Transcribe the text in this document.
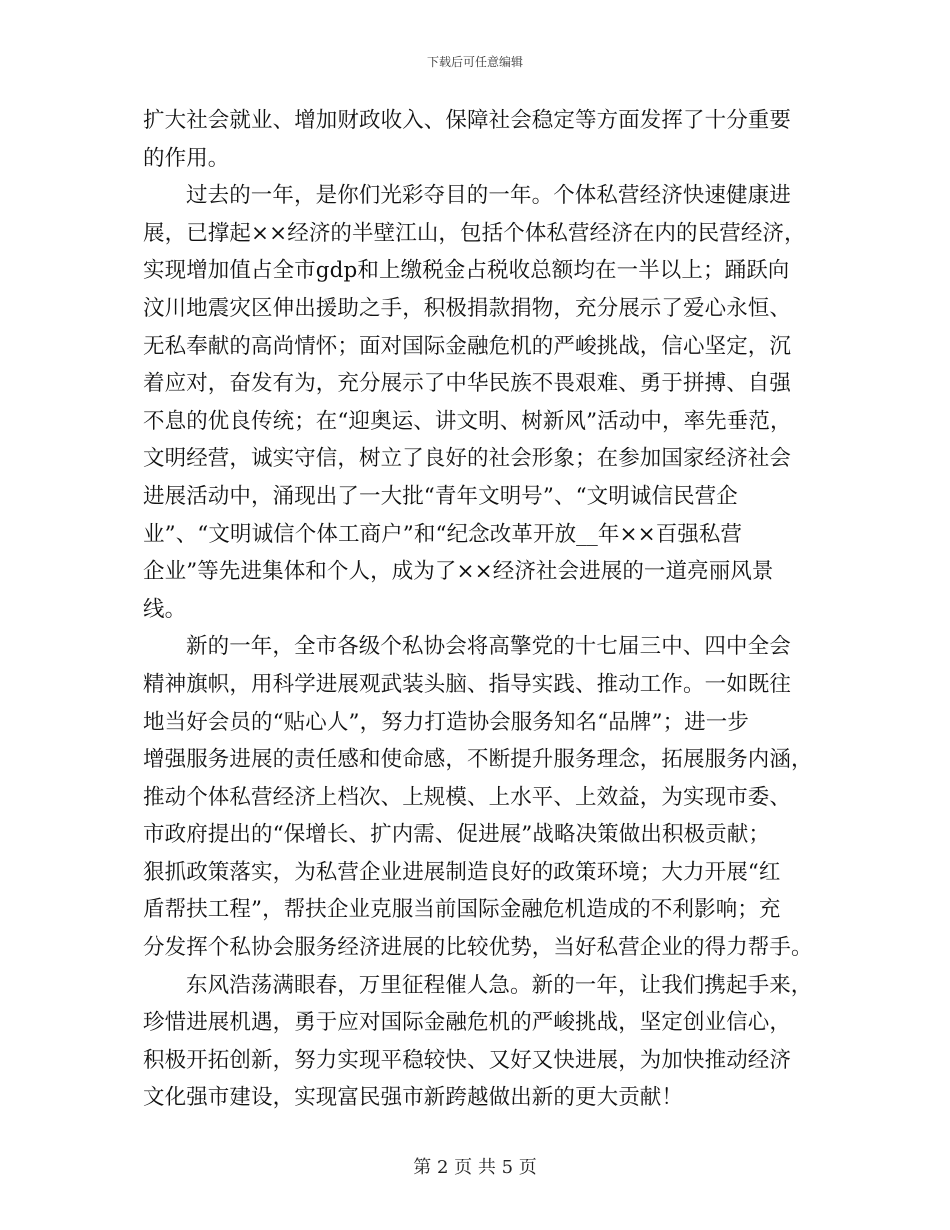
下载后可任意编辑
扩大社会就业、增加财政收入、保障社会稳定等方面发挥了十分重要
的作用。
过去的一年，是你们光彩夺目的一年。个体私营经济快速健康进
展，已撑起××经济的半壁江山，包括个体私营经济在内的民营经济，
实现增加值占全市gdp和上缴税金占税收总额均在一半以上；踊跃向
汶川地震灾区伸出援助之手，积极捐款捐物，充分展示了爱心永恒、
无私奉献的高尚情怀；面对国际金融危机的严峻挑战，信心坚定，沉
着应对，奋发有为，充分展示了中华民族不畏艰难、勇于拼搏、自强
不息的优良传统；在“迎奥运、讲文明、树新风”活动中，率先垂范，
文明经营，诚实守信，树立了良好的社会形象；在参加国家经济社会
进展活动中，涌现出了一大批“青年文明号”、“文明诚信民营企
业”、“文明诚信个体工商户”和“纪念改革开放__年××百强私营
企业”等先进集体和个人，成为了××经济社会进展的一道亮丽风景
线。
新的一年，全市各级个私协会将高擎党的十七届三中、四中全会
精神旗帜，用科学进展观武装头脑、指导实践、推动工作。一如既往
地当好会员的“贴心人”，努力打造协会服务知名“品牌”；进一步
增强服务进展的责任感和使命感，不断提升服务理念，拓展服务内涵，
推动个体私营经济上档次、上规模、上水平、上效益，为实现市委、
市政府提出的“保增长、扩内需、促进展”战略决策做出积极贡献；
狠抓政策落实，为私营企业进展制造良好的政策环境；大力开展“红
盾帮扶工程”，帮扶企业克服当前国际金融危机造成的不利影响；充
分发挥个私协会服务经济进展的比较优势，当好私营企业的得力帮手。
东风浩荡满眼春，万里征程催人急。新的一年，让我们携起手来，
珍惜进展机遇，勇于应对国际金融危机的严峻挑战，坚定创业信心，
积极开拓创新，努力实现平稳较快、又好又快进展，为加快推动经济
文化强市建设，实现富民强市新跨越做出新的更大贡献！
第 2 页 共 5 页
